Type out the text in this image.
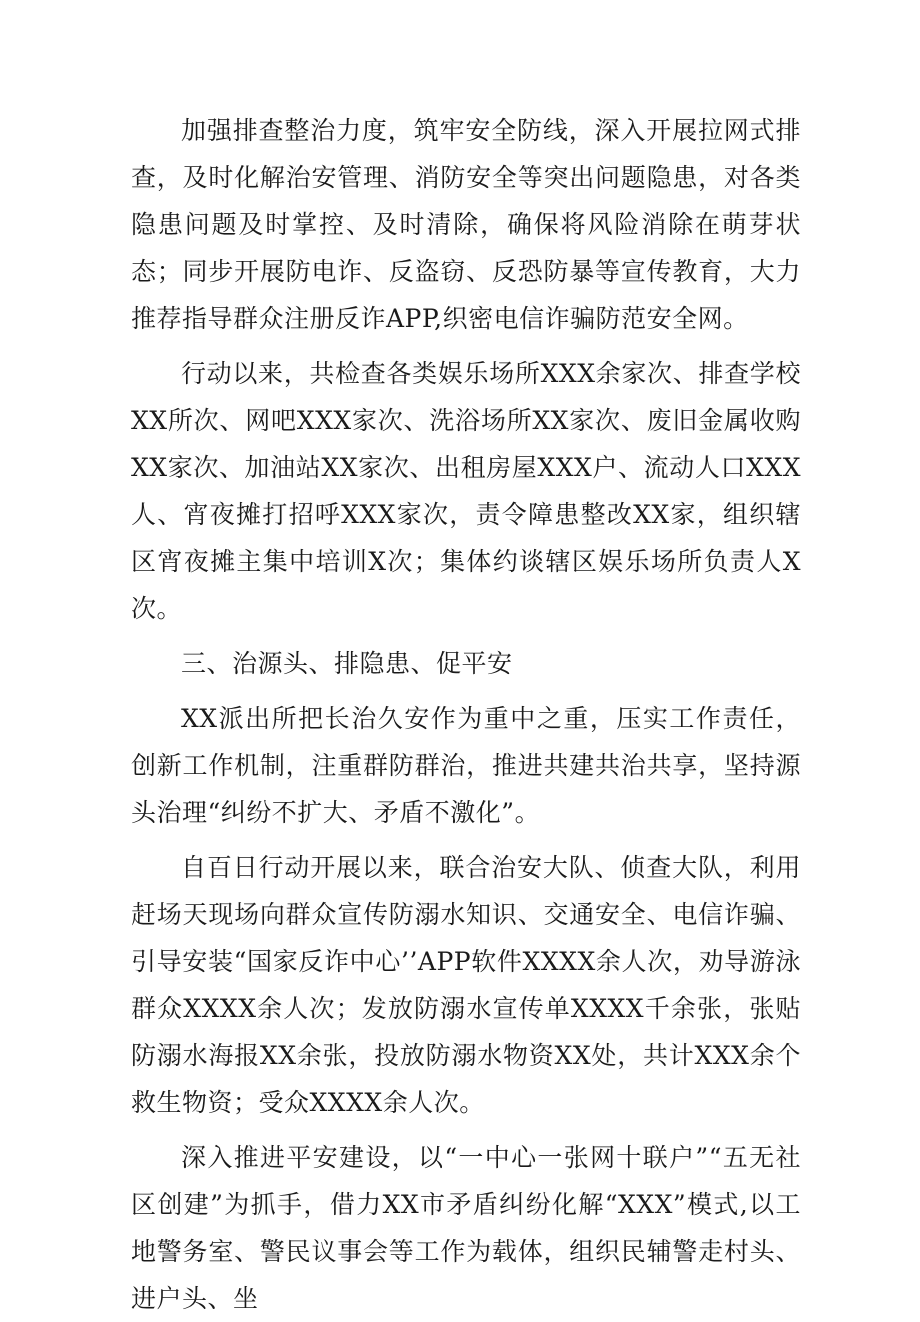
加强排查整治力度，筑牢安全防线，深入开展拉网式排查，及时化解治安管理、消防安全等突出问题隐患，对各类隐患问题及时掌控、及时清除，确保将风险消除在萌芽状态；同步开展防电诈、反盗窃、反恐防暴等宣传教育，大力推荐指导群众注册反诈APP,织密电信诈骗防范安全网。

行动以来，共检查各类娱乐场所XXX余家次、排查学校XX所次、网吧XXX家次、洗浴场所XX家次、废旧金属收购XX家次、加油站XX家次、出租房屋XXX户、流动人口XXX人、宵夜摊打招呼XXX家次，责令障患整改XX家，组织辖区宵夜摊主集中培训X次；集体约谈辖区娱乐场所负责人X次。

三、治源头、排隐患、促平安

XX派出所把长治久安作为重中之重，压实工作责任，创新工作机制，注重群防群治，推进共建共治共享，坚持源头治理“纠纷不扩大、矛盾不激化”。

自百日行动开展以来，联合治安大队、侦查大队，利用赶场天现场向群众宣传防溺水知识、交通安全、电信诈骗、引导安装“国家反诈中心’’APP软件XXXX余人次，劝导游泳群众XXXX余人次；发放防溺水宣传单XXXX千余张，张贴防溺水海报XX余张，投放防溺水物资XX处，共计XXX余个救生物资；受众XXXX余人次。

深入推进平安建设，以“一中心一张网十联户”“五无社区创建”为抓手，借力XX市矛盾纠纷化解“XXX”模式,以工地警务室、警民议事会等工作为载体，组织民辅警走村头、进户头、坐
